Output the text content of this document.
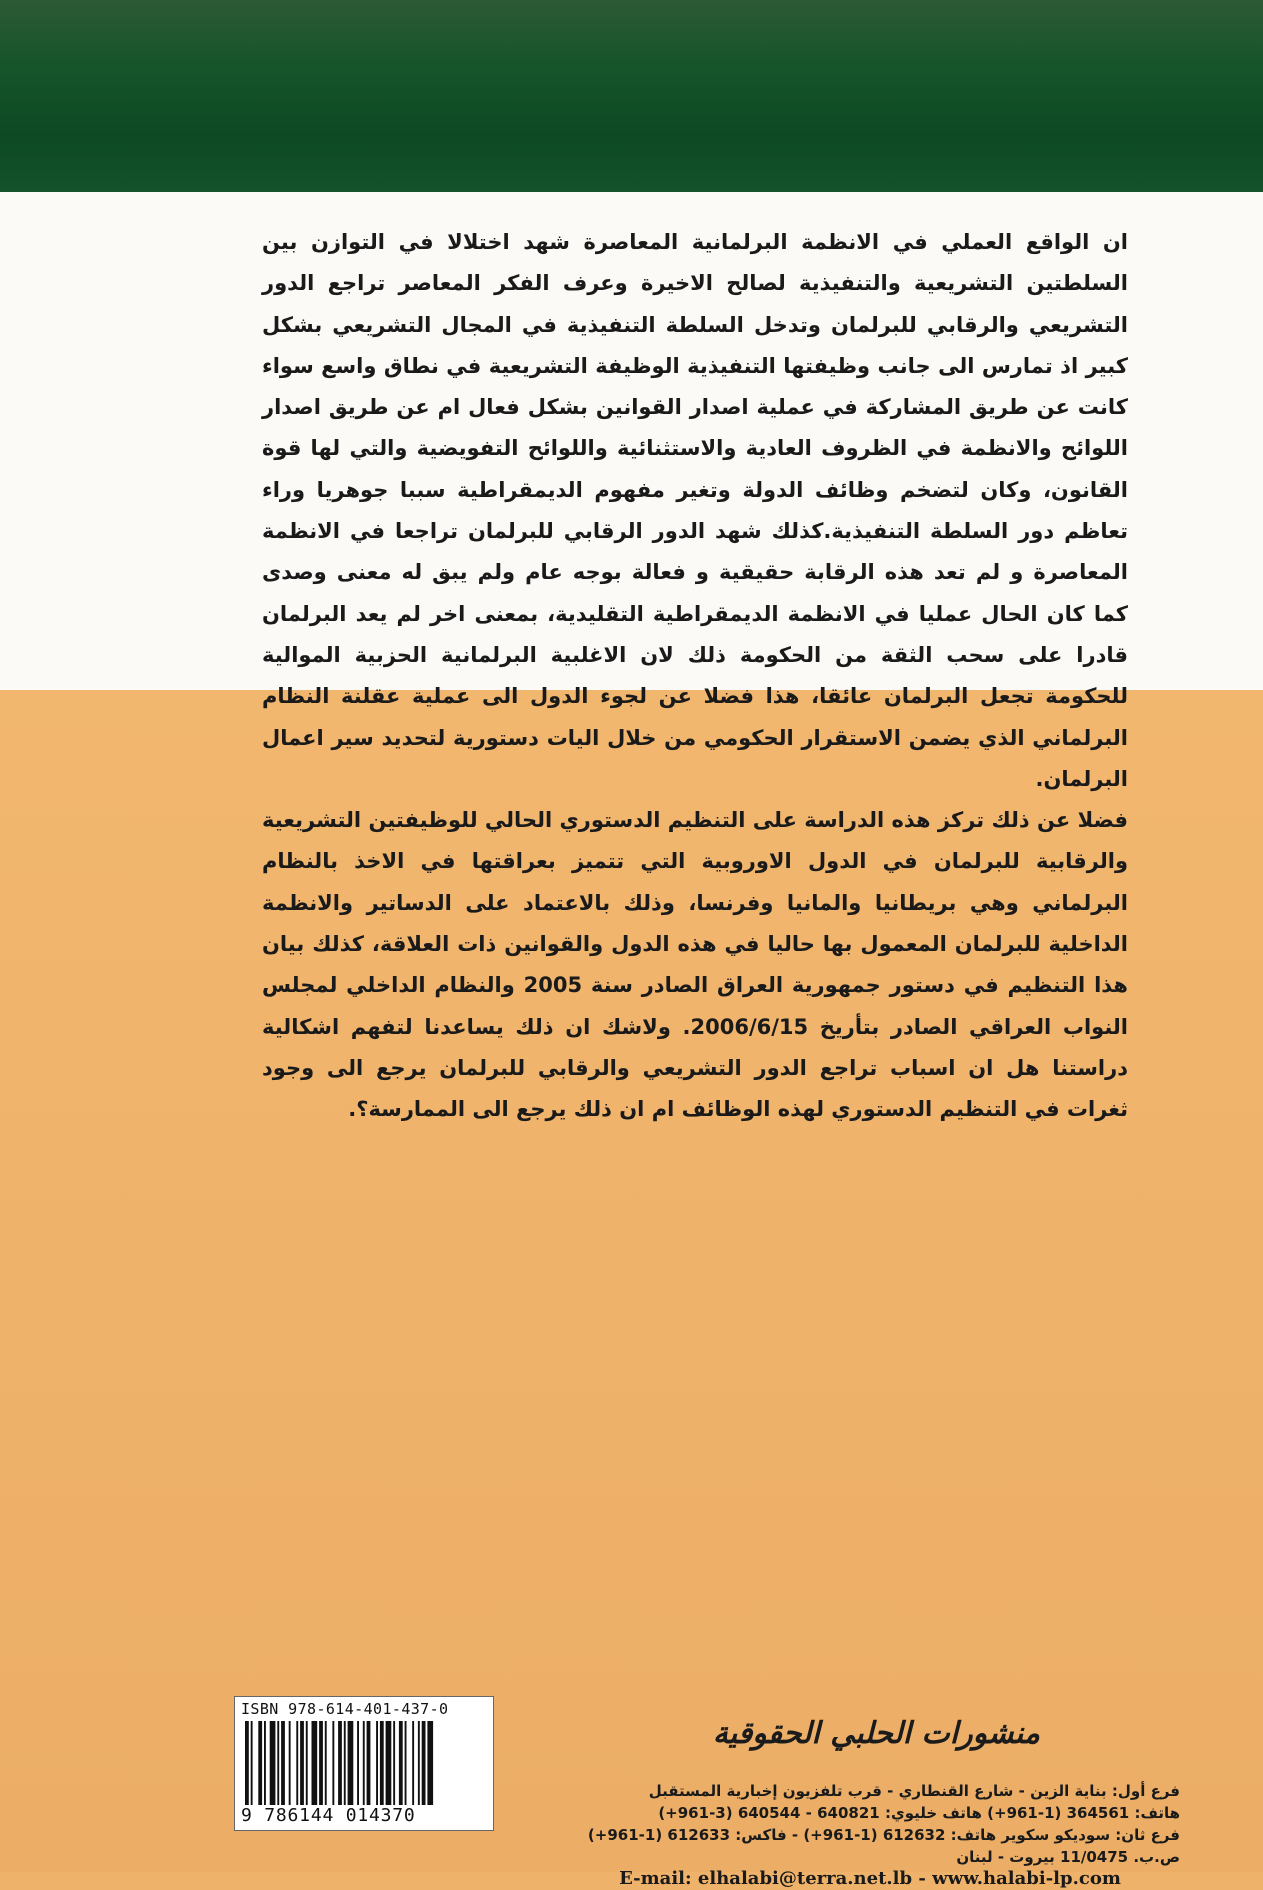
ان الواقع العملي في الانظمة البرلمانية المعاصرة شهد اختلالا في التوازن بين السلطتين التشريعية والتنفيذية لصالح الاخيرة وعرف الفكر المعاصر تراجع الدور التشريعي والرقابي للبرلمان وتدخل السلطة التنفيذية في المجال التشريعي بشكل كبير اذ تمارس الى جانب وظيفتها التنفيذية الوظيفة التشريعية في نطاق واسع سواء كانت عن طريق المشاركة في عملية اصدار القوانين بشكل فعال ام عن طريق اصدار اللوائح والانظمة في الظروف العادية والاستثنائية واللوائح التفويضية والتي لها قوة القانون، وكان لتضخم وظائف الدولة وتغير مفهوم الديمقراطية سببا جوهريا وراء تعاظم دور السلطة التنفيذية.كذلك شهد الدور الرقابي للبرلمان تراجعا في الانظمة المعاصرة و لم تعد هذه الرقابة حقيقية و فعالة بوجه عام ولم يبق له معنى وصدى كما كان الحال عمليا في الانظمة الديمقراطية التقليدية، بمعنى اخر لم يعد البرلمان قادرا على سحب الثقة من الحكومة ذلك لان الاغلبية البرلمانية الحزبية الموالية للحكومة تجعل البرلمان عائقا، هذا فضلا عن لجوء الدول الى عملية عقلنة النظام البرلماني الذي يضمن الاستقرار الحكومي من خلال اليات دستورية لتحديد سير اعمال البرلمان.

فضلا عن ذلك تركز هذه الدراسة على التنظيم الدستوري الحالي للوظيفتين التشريعية والرقابية للبرلمان في الدول الاوروبية التي تتميز بعراقتها في الاخذ بالنظام البرلماني وهي بريطانيا والمانيا وفرنسا، وذلك بالاعتماد على الدساتير والانظمة الداخلية للبرلمان المعمول بها حاليا في هذه الدول والقوانين ذات العلاقة، كذلك بيان هذا التنظيم في دستور جمهورية العراق الصادر سنة 2005 والنظام الداخلي لمجلس النواب العراقي الصادر بتأريخ 2006/6/15. ولاشك ان ذلك يساعدنا لتفهم اشكالية دراستنا هل ان اسباب تراجع الدور التشريعي والرقابي للبرلمان يرجع الى وجود ثغرات في التنظيم الدستوري لهذه الوظائف ام ان ذلك يرجع الى الممارسة؟.

ISBN 978-614-401-437-0
9 786144 014370
منشورات الحلبي الحقوقية
فرع أول: بناية الزين - شارع القنطاري - قرب تلفزيون إخبارية المستقبل
هاتف: 364561 (1-961+) هاتف خليوي: 640821 - 640544 (3-961+)
فرع ثان: سوديكو سكوير هاتف: 612632 (1-961+) - فاكس: 612633 (1-961+)
ص.ب. 11/0475 بيروت - لبنان
E-mail: elhalabi@terra.net.lb - www.halabi-lp.com
